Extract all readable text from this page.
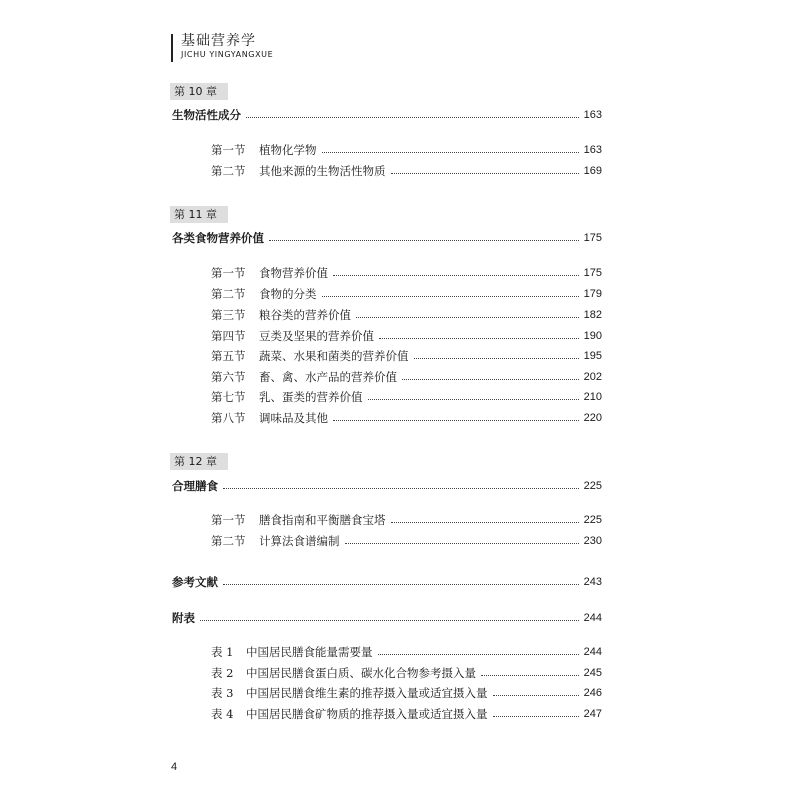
基础营养学
JICHU YINGYANGXUE
第 10 章
生物活性成分	163
第一节	植物化学物	163
第二节	其他来源的生物活性物质	169
第 11 章
各类食物营养价值	175
第一节	食物营养价值	175
第二节	食物的分类	179
第三节	粮谷类的营养价值	182
第四节	豆类及坚果的营养价值	190
第五节	蔬菜、水果和菌类的营养价值	195
第六节	畜、禽、水产品的营养价值	202
第七节	乳、蛋类的营养价值	210
第八节	调味品及其他	220
第 12 章
合理膳食	225
第一节	膳食指南和平衡膳食宝塔	225
第二节	计算法食谱编制	230
参考文献	243
附表	244
表 1	中国居民膳食能量需要量	244
表 2	中国居民膳食蛋白质、碳水化合物参考摄入量	245
表 3	中国居民膳食维生素的推荐摄入量或适宜摄入量	246
表 4	中国居民膳食矿物质的推荐摄入量或适宜摄入量	247
4
